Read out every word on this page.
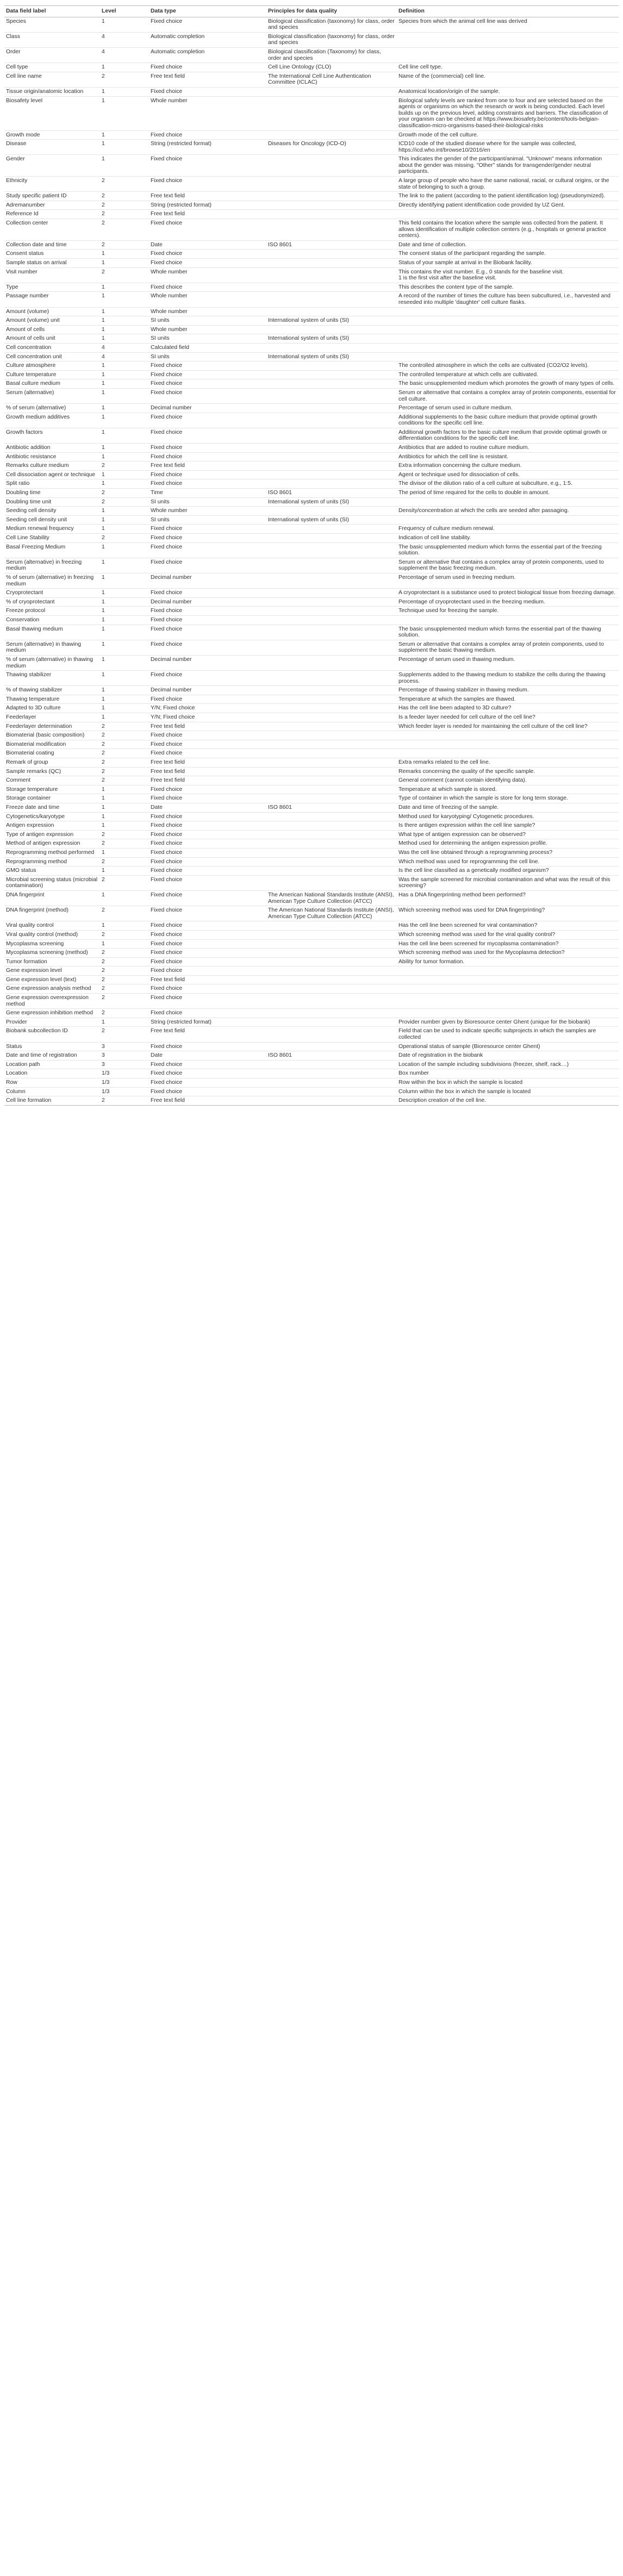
Data field label	Level	Data type	Principles for data quality	Definition
Species	1	Fixed choice	Biological classification (taxonomy) for class, order and species	Species from which the animal cell line was derived
Class	4	Automatic completion	Biological classification (taxonomy) for class, order and species	
Order	4	Automatic completion	Biological classification (Taxonomy) for class, order and species	
Cell type	1	Fixed choice	Cell Line Ontology (CLO)	Cell line cell type.
Cell line name	2	Free text field	The International Cell Line Authentication Committee (ICLAC)	Name of the (commercial) cell line.
Tissue origin/anatomic location	1	Fixed choice		Anatomical location/origin of the sample.
Biosafety level	1	Whole number		Biological safety levels are ranked from one to four and are selected based on the agents or organisms on which the research or work is being conducted. Each level builds up on the previous level, adding constraints and barriers. The classification of your organism can be checked at https://www.biosafety.be/content/tools-belgian-classification-micro-organisms-based-their-biological-risks
Growth mode	1	Fixed choice		Growth mode of the cell culture.
Disease	1	String (restricted format)	Diseases for Oncology (ICD-O)	ICD10 code of the studied disease where for the sample was collected, https://icd.who.int/browse10/2016/en
Gender	1	Fixed choice		This indicates the gender of the participant/animal. "Unknown" means information about the gender was missing. "Other" stands for transgender/gender neutral participants.
Ethnicity	2	Fixed choice		A large group of people who have the same national, racial, or cultural origins, or the state of belonging to such a group.
Study specific patient ID	2	Free text field		The link to the patient (according to the patient identification log) (pseudonymized).
Adremanumber	2	String (restricted format)		Directly identifying patient identification code provided by UZ Gent.
Reference Id	2	Free text field		
Collection center	2	Fixed choice		This field contains the location where the sample was collected from the patient. It allows identification of multiple collection centers (e.g., hospitals or general practice centers).
Collection date and time	2	Date	ISO 8601	Date and time of collection.
Consent status	1	Fixed choice		The consent status of the participant regarding the sample.
Sample status on arrival	1	Fixed choice		Status of your sample at arrival in the Biobank facility.
Visit number	2	Whole number		This contains the visit number. E.g., 0 stands for the baseline visit.
1 is the first visit after the baseline visit.
Type	1	Fixed choice		This describes the content type of the sample.
Passage number	1	Whole number		A record of the number of times the culture has been subcultured, i.e., harvested and reseeded into multiple 'daughter' cell culture flasks.
Amount (volume)	1	Whole number		
Amount (volume) unit	1	SI units	International system of units (SI)	
Amount of cells	1	Whole number		
Amount of cells unit	1	SI units	International system of units (SI)	
Cell concentration	4	Calculated field		
Cell concentration unit	4	SI units	International system of units (SI)	
Culture atmosphere	1	Fixed choice		The controlled atmosphere in which the cells are cultivated (CO2/O2 levels).
Culture temperature	1	Fixed choice		The controlled temperature at which cells are cultivated.
Basal culture medium	1	Fixed choice		The basic unsupplemented medium which promotes the growth of many types of cells.
Serum (alternative)	1	Fixed choice		Serum or alternative that contains a complex array of protein components, essential for cell culture.
% of serum (alternative)	1	Decimal number		Percentage of serum used in culture medium.
Growth medium additives	1	Fixed choice		Additional supplements to the basic culture medium that provide optimal growth conditions for the specific cell line.
Growth factors	1	Fixed choice		Additional growth factors to the basic culture medium that provide optimal growth or differentiation conditions for the specific cell line.
Antibiotic addition	1	Fixed choice		Antibiotics that are added to routine culture medium.
Antibiotic resistance	1	Fixed choice		Antibiotics for which the cell line is resistant.
Remarks culture medium	2	Free text field		Extra information concerning the culture medium.
Cell dissociation agent or technique	1	Fixed choice		Agent or technique used for dissociation of cells.
Split ratio	1	Fixed choice		The divisor of the dilution ratio of a cell culture at subculture, e.g., 1:5.
Doubling time	2	Time	ISO 8601	The period of time required for the cells to double in amount.
Doubling time unit	2	SI units	International system of units (SI)	
Seeding cell density	1	Whole number		Density/concentration at which the cells are seeded after passaging.
Seeding cell density unit	1	SI units	International system of units (SI)	
Medium renewal frequency	1	Fixed choice		Frequency of culture medium renewal.
Cell Line Stability	2	Fixed choice		Indication of cell line stability.
Basal Freezing Medium	1	Fixed choice		The basic unsupplemented medium which forms the essential part of the freezing solution.
Serum (alternative) in freezing medium	1	Fixed choice		Serum or alternative that contains a complex array of protein components, used to supplement the basic freezing medium.
% of serum (alternative) in freezing medium	1	Decimal number		Percentage of serum used in freezing medium.
Cryoprotectant	1	Fixed choice		A cryoprotectant is a substance used to protect biological tissue from freezing damage.
% of cryoprotectant	1	Decimal number		Percentage of cryoprotectant used in the freezing medium.
Freeze protocol	1	Fixed choice		Technique used for freezing the sample.
Conservation	1	Fixed choice		
Basal thawing medium	1	Fixed choice		The basic unsupplemented medium which forms the essential part of the thawing solution.
Serum (alternative) in thawing medium	1	Fixed choice		Serum or alternative that contains a complex array of protein components, used to supplement the basic thawing medium.
% of serum (alternative) in thawing medium	1	Decimal number		Percentage of serum used in thawing medium.
Thawing stabilizer	1	Fixed choice		Supplements added to the thawing medium to stabilize the cells during the thawing process.
% of thawing stabilizer	1	Decimal number		Percentage of thawing stabilizer in thawing medium.
Thawing temperature	1	Fixed choice		Temperature at which the samples are thawed.
Adapted to 3D culture	1	Y/N; Fixed choice		Has the cell line been adapted to 3D culture?
Feederlayer	1	Y/N; Fixed choice		Is a feeder layer needed for cell culture of the cell line?
Feederlayer determination	2	Free text field		Which feeder layer is needed for maintaining the cell culture of the cell line?
Biomaterial (basic composition)	2	Fixed choice		
Biomaterial modification	2	Fixed choice		
Biomaterial coating	2	Fixed choice		
Remark of group	2	Free text field		Extra remarks related to the cell line.
Sample remarks (QC)	2	Free text field		Remarks concerning the quality of the specific sample.
Comment	2	Free text field		General comment (cannot contain identifying data).
Storage temperature	1	Fixed choice		Temperature at which sample is stored.
Storage container	1	Fixed choice		Type of container in which the sample is store for long term storage.
Freeze date and time	1	Date	ISO 8601	Date and time of freezing of the sample.
Cytogenetics/karyotype	1	Fixed choice		Method used for karyotyping/ Cytogenetic procedures.
Antigen expression	1	Fixed choice		Is there antigen expression within the cell line sample?
Type of antigen expression	2	Fixed choice		What type of antigen expression can be observed?
Method of antigen expression	2	Fixed choice		Method used for determining the antigen expression profile.
Reprogramming method performed	1	Fixed choice		Was the cell line obtained through a reprogramming process?
Reprogramming method	2	Fixed choice		Which method was used for reprogramming the cell line.
GMO status	1	Fixed choice		Is the cell line classified as a genetically modified organism?
Microbial screening status (microbial contamination)	2	Fixed choice		Was the sample screened for microbial contamination and what was the result of this screening?
DNA fingerprint	1	Fixed choice	The American National Standards Institute (ANSI), American Type Culture Collection (ATCC)	Has a DNA fingerprinting method been performed?
DNA fingerprint (method)	2	Fixed choice	The American National Standards Institute (ANSI), American Type Culture Collection (ATCC)	Which screening method was used for DNA fingerprinting?
Viral quality control	1	Fixed choice		Has the cell line been screened for viral contamination?
Viral quality control (method)	2	Fixed choice		Which screening method was used for the viral quality control?
Mycoplasma screening	1	Fixed choice		Has the cell line been screened for mycoplasma contamination?
Mycoplasma screening (method)	2	Fixed choice		Which screening method was used for the Mycoplasma detection?
Tumor formation	2	Fixed choice		Ability for tumor formation.
Gene expression level	2	Fixed choice		
Gene expression level (text)	2	Free text field		
Gene expression analysis method	2	Fixed choice		
Gene expression overexpression method	2	Fixed choice		
Gene expression inhibition method	2	Fixed choice		
Provider	1	String (restricted format)		Provider number given by Bioresource center Ghent (unique for the biobank)
Biobank subcollection ID	2	Free text field		Field that can be used to indicate specific subprojects in which the samples are collected
Status	3	Fixed choice		Operational status of sample (Bioresource center Ghent)
Date and time of registration	3	Date	ISO 8601	Date of registration in the biobank
Location path	3	Fixed choice		Location of the sample including subdivisions (freezer, shelf, rack…)
Location	1/3	Fixed choice		Box number
Row	1/3	Fixed choice		Row within the box in which the sample is located
Column	1/3	Fixed choice		Column within the box in which the sample is located
Cell line formation	2	Free text field		Description creation of the cell line.
